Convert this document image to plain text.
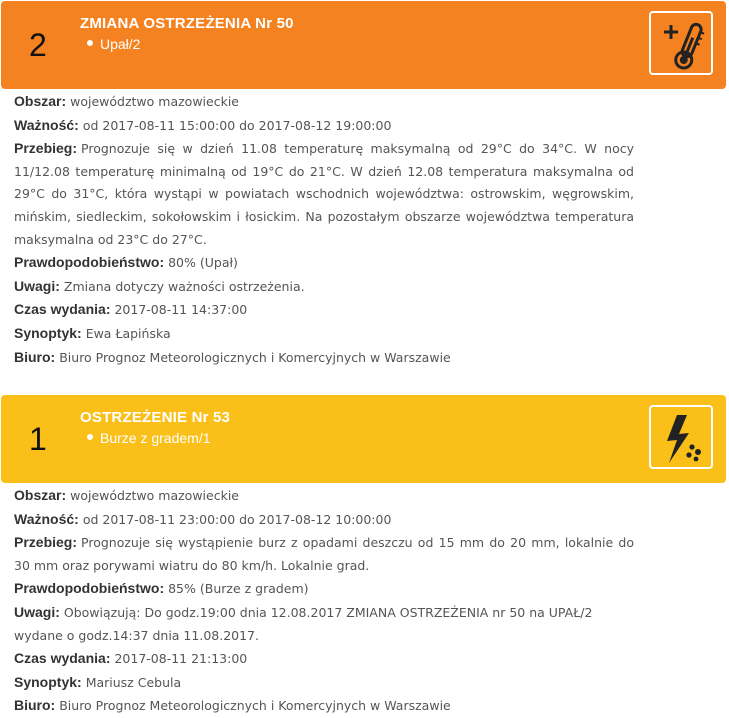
2
ZMIANA OSTRZEŻENIA Nr 50
Upał/2

Obszar: województwo mazowieckie

Ważność: od 2017-08-11 15:00:00 do 2017-08-12 19:00:00

Przebieg: Prognozuje się w dzień 11.08 temperaturę maksymalną od 29°C do 34°C. W nocy 11/12.08 temperaturę minimalną od 19°C do 21°C. W dzień 12.08 temperatura maksymalna od 29°C do 31°C, która wystąpi w powiatach wschodnich województwa: ostrowskim, węgrowskim, mińskim, siedleckim, sokołowskim i łosickim. Na pozostałym obszarze województwa temperatura maksymalna od 23°C do 27°C.

Prawdopodobieństwo: 80% (Upał)

Uwagi: Zmiana dotyczy ważności ostrzeżenia.

Czas wydania: 2017-08-11 14:37:00

Synoptyk: Ewa Łapińska

Biuro: Biuro Prognoz Meteorologicznych i Komercyjnych w Warszawie

1
OSTRZEŻENIE Nr 53
Burze z gradem/1

Obszar: województwo mazowieckie

Ważność: od 2017-08-11 23:00:00 do 2017-08-12 10:00:00

Przebieg: Prognozuje się wystąpienie burz z opadami deszczu od 15 mm do 20 mm, lokalnie do 30 mm oraz porywami wiatru do 80 km/h. Lokalnie grad.

Prawdopodobieństwo: 85% (Burze z gradem)

Uwagi: Obowiązują: Do godz.19:00 dnia 12.08.2017 ZMIANA OSTRZEŻENIA nr 50 na UPAŁ/2 wydane o godz.14:37 dnia 11.08.2017.

Czas wydania: 2017-08-11 21:13:00

Synoptyk: Mariusz Cebula

Biuro: Biuro Prognoz Meteorologicznych i Komercyjnych w Warszawie
